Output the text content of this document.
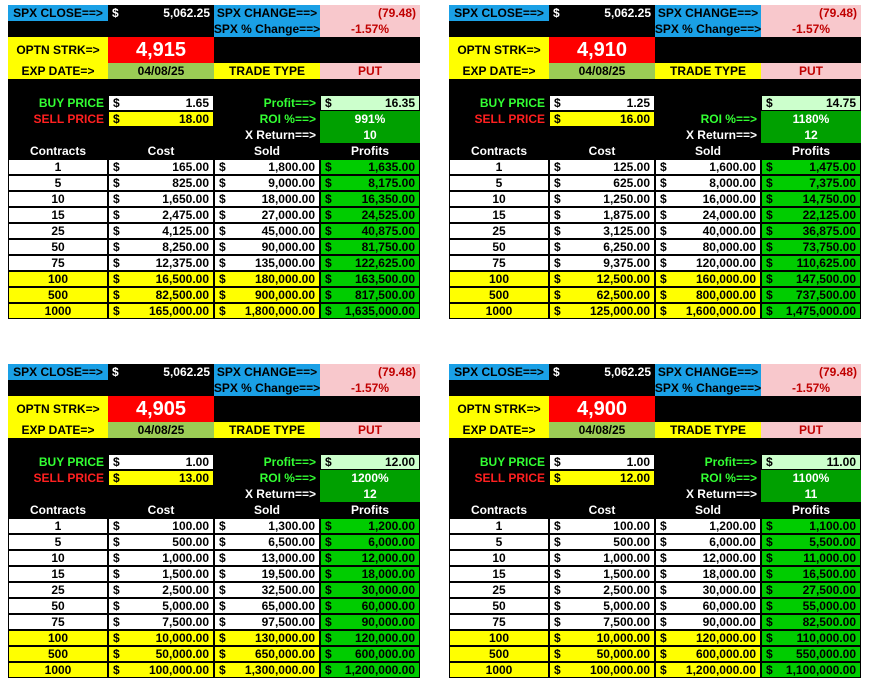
SPX CLOSE==> $	5,062.25 SPX CHANGE==>	(79.48)
SPX % Change==>	-1.57%
OPTN STRK=>	4,915
EXP DATE=>	04/08/25	TRADE TYPE	PUT
BUY PRICE $	1.65	Profit==> $	16.35
SELL PRICE $	18.00	ROI %==>	991%
X Return==>	10
Contracts	Cost	Sold	Profits
1	$	165.00 $	1,800.00 $	1,635.00
5	$	825.00 $	9,000.00 $	8,175.00
10	$	1,650.00 $	18,000.00 $ 16,350.00
15	$	2,475.00 $	27,000.00 $ 24,525.00
25	$	4,125.00 $	45,000.00 $ 40,875.00
50	$	8,250.00 $	90,000.00 $ 81,750.00
75	$	12,375.00 $ 135,000.00 $ 122,625.00
100	$	16,500.00 $ 180,000.00 $ 163,500.00
500	$	82,500.00 $ 900,000.00 $ 817,500.00
1000	$ 165,000.00 $ 1,800,000.00 $ 1,635,000.00
SPX CLOSE==> $	5,062.25 SPX CHANGE==>	(79.48)
SPX % Change==>	-1.57%
OPTN STRK=>	4,910
EXP DATE=>	04/08/25	TRADE TYPE	PUT
BUY PRICE $	1.25	$	14.75
SELL PRICE $	16.00	ROI %==>	1180%
X Return==>	12
Contracts	Cost	Sold	Profits
1	$	125.00 $	1,600.00 $	1,475.00
5	$	625.00 $	8,000.00 $	7,375.00
10	$	1,250.00 $	16,000.00 $ 14,750.00
15	$	1,875.00 $	24,000.00 $ 22,125.00
25	$	3,125.00 $	40,000.00 $ 36,875.00
50	$	6,250.00 $	80,000.00 $ 73,750.00
75	$	9,375.00 $ 120,000.00 $ 110,625.00
100	$	12,500.00 $ 160,000.00 $ 147,500.00
500	$	62,500.00 $ 800,000.00 $ 737,500.00
1000	$ 125,000.00 $ 1,600,000.00 $ 1,475,000.00
SPX CLOSE==> $	5,062.25 SPX CHANGE==>	(79.48)
SPX % Change==>	-1.57%
OPTN STRK=>	4,905
EXP DATE=>	04/08/25	TRADE TYPE	PUT
BUY PRICE $	1.00	Profit==> $	12.00
SELL PRICE $	13.00	ROI %==>	1200%
X Return==>	12
Contracts	Cost	Sold	Profits
1	$	100.00 $	1,300.00 $	1,200.00
5	$	500.00 $	6,500.00 $	6,000.00
10	$	1,000.00 $	13,000.00 $ 12,000.00
15	$	1,500.00 $	19,500.00 $ 18,000.00
25	$	2,500.00 $	32,500.00 $ 30,000.00
50	$	5,000.00 $	65,000.00 $ 60,000.00
75	$	7,500.00 $	97,500.00 $ 90,000.00
100	$	10,000.00 $ 130,000.00 $ 120,000.00
500	$	50,000.00 $ 650,000.00 $ 600,000.00
1000	$ 100,000.00 $ 1,300,000.00 $ 1,200,000.00
SPX CLOSE==> $	5,062.25 SPX CHANGE==>	(79.48)
SPX % Change==>	-1.57%
OPTN STRK=>	4,900
EXP DATE=>	04/08/25	TRADE TYPE	PUT
BUY PRICE $	1.00	Profit==> $	11.00
SELL PRICE $	12.00	ROI %==>	1100%
X Return==>	11
Contracts	Cost	Sold	Profits
1	$	100.00 $	1,200.00 $	1,100.00
5	$	500.00 $	6,000.00 $	5,500.00
10	$	1,000.00 $	12,000.00 $	11,000.00
15	$	1,500.00 $	18,000.00 $ 16,500.00
25	$	2,500.00 $	30,000.00 $ 27,500.00
50	$	5,000.00 $	60,000.00 $ 55,000.00
75	$	7,500.00 $	90,000.00 $ 82,500.00
100	$	10,000.00 $ 120,000.00 $ 110,000.00
500	$	50,000.00 $ 600,000.00 $ 550,000.00
1000	$ 100,000.00 $ 1,200,000.00 $ 1,100,000.00
